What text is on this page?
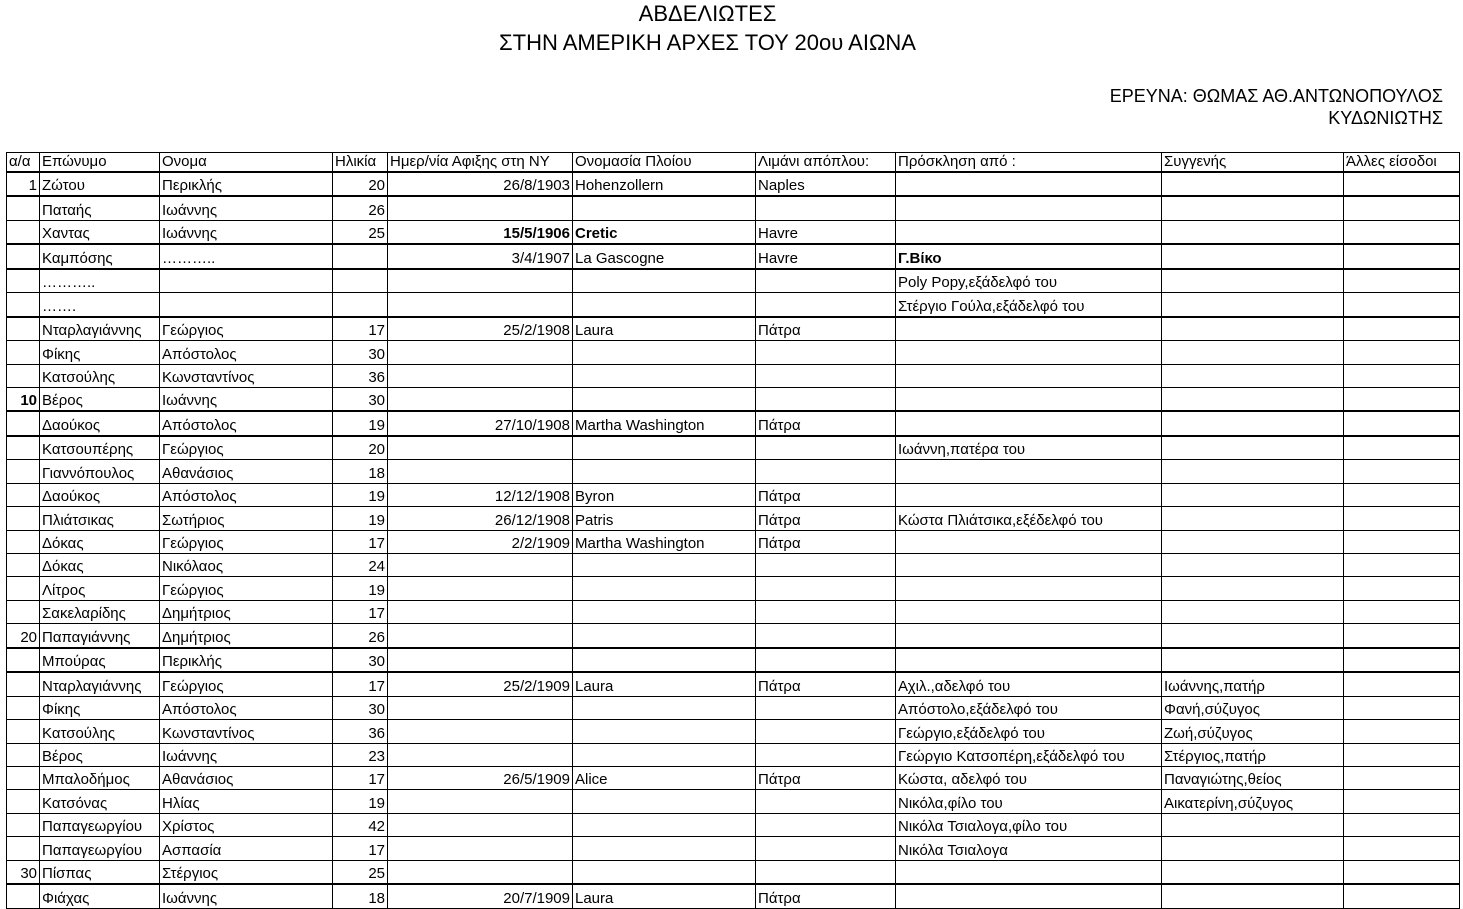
ΑΒΔΕΛΙΩΤΕΣ
ΣΤΗΝ ΑΜΕΡΙΚΗ ΑΡΧΕΣ ΤΟΥ 20ου ΑΙΩΝΑ
ΕΡΕΥΝΑ: ΘΩΜΑΣ ΑΘ.ΑΝΤΩΝΟΠΟΥΛΟΣ
ΚΥΔΩΝΙΩΤΗΣ
α/α	Επώνυμο	Ονομα	Ηλικία	Ημερ/νία Αφιξης στη ΝΥ	Ονομασία Πλοίου	Λιμάνι απόπλου:	Πρόσκληση από :	Συγγενής	Άλλες είσοδοι
1	Ζώτου	Περικλής	20	26/8/1903	Hohenzollern	Naples			
	Παταής	Ιωάννης	26						
	Χαντας	Ιωάννης	25	15/5/1906	Cretic	Havre			
	Καμπόσης	………..		3/4/1907	La Gascogne	Havre	Γ.Βίκο		
	………..						Poly Popy,εξάδελφό του		
	…….						Στέργιο Γούλα,εξάδελφό του		
	Νταρλαγιάννης	Γεώργιος	17	25/2/1908	Laura	Πάτρα			
	Φίκης	Απόστολος	30						
	Κατσούλης	Κωνσταντίνος	36						
10	Βέρος	Ιωάννης	30						
	Δαούκος	Απόστολος	19	27/10/1908	Martha Washington	Πάτρα			
	Κατσουπέρης	Γεώργιος	20				Ιωάννη,πατέρα του		
	Γιαννόπουλος	Αθανάσιος	18						
	Δαούκος	Απόστολος	19	12/12/1908	Byron	Πάτρα			
	Πλιάτσικας	Σωτήριος	19	26/12/1908	Patris	Πάτρα	Κώστα Πλιάτσικα,εξέδελφό του		
	Δόκας	Γεώργιος	17	2/2/1909	Martha Washington	Πάτρα			
	Δόκας	Νικόλαος	24						
	Λίτρος	Γεώργιος	19						
	Σακελαρίδης	Δημήτριος	17						
20	Παπαγιάννης	Δημήτριος	26						
	Μπούρας	Περικλής	30						
	Νταρλαγιάννης	Γεώργιος	17	25/2/1909	Laura	Πάτρα	Αχιλ.,αδελφό του	Ιωάννης,πατήρ	
	Φίκης	Απόστολος	30				Απόστολο,εξάδελφό του	Φανή,σύζυγος	
	Κατσούλης	Κωνσταντίνος	36				Γεώργιο,εξάδελφό του	Ζωή,σύζυγος	
	Βέρος	Ιωάννης	23				Γεώργιο Κατσοπέρη,εξάδελφό του	Στέργιος,πατήρ	
	Μπαλοδήμος	Αθανάσιος	17	26/5/1909	Alice	Πάτρα	Κώστα, αδελφό του	Παναγιώτης,θείος	
	Κατσόνας	Ηλίας	19				Νικόλα,φίλο του	Αικατερίνη,σύζυγος	
	Παπαγεωργίου	Χρίστος	42				Νικόλα Τσιαλογα,φίλο του		
	Παπαγεωργίου	Ασπασία	17				Νικόλα Τσιαλογα		
30	Πίσπας	Στέργιος	25						
	Φιάχας	Ιωάννης	18	20/7/1909	Laura	Πάτρα			
